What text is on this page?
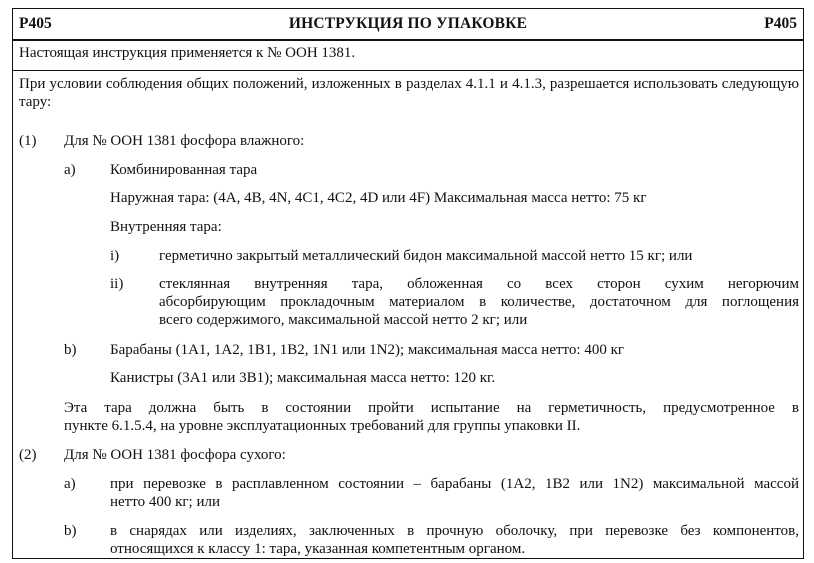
P405	ИНСТРУКЦИЯ ПО УПАКОВКЕ	P405
Настоящая инструкция применяется к № ООН 1381.
При условии соблюдения общих положений, изложенных в разделах 4.1.1 и 4.1.3, разрешается использовать следующую тару:
(1) Для № ООН 1381 фосфора влажного:
a) Комбинированная тара
Наружная тара: (4A, 4B, 4N, 4C1, 4C2, 4D или 4F) Максимальная масса нетто: 75 кг
Внутренняя тара:
i)	герметично закрытый металлический бидон максимальной массой нетто 15 кг; или
ii) стеклянная внутренняя тара, обложенная со всех сторон сухим негорючим
абсорбирующим прокладочным материалом в количестве, достаточном для поглощения
всего содержимого, максимальной массой нетто 2 кг; или
b) Барабаны (1A1, 1A2, 1B1, 1B2, 1N1 или 1N2); максимальная масса нетто: 400 кг
Канистры (3A1 или 3B1); максимальная масса нетто: 120 кг.
Эта тара должна быть в состоянии пройти испытание на герметичность, предусмотренное в
пункте 6.1.5.4, на уровне эксплуатационных требований для группы упаковки II.
(2) Для № ООН 1381 фосфора сухого:
a) при перевозке в расплавленном состоянии – барабаны (1A2, 1B2 или 1N2) максимальной массой
нетто 400 кг; или
b) в снарядах или изделиях, заключенных в прочную оболочку, при перевозке без компонентов,
относящихся к классу 1: тара, указанная компетентным органом.
